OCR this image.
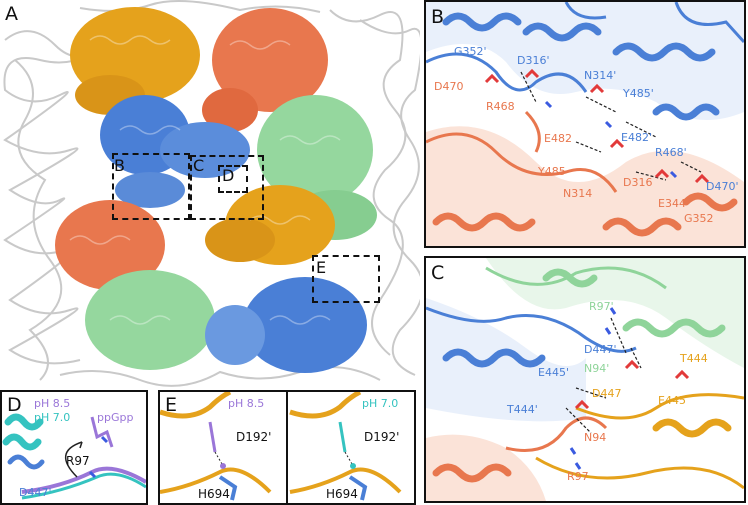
A
B	C
D
E
B
G352'
D316'
N314'
Y485'
D470
R468
E482	E482'
R468'
Y485
N314
D316	D470'
E344
G352
C
R97'
D447'
N94'
T444
E445'
D447
E445
T444'
N94
R97
D pH 8.5
pH 7.0 ppGpp
R97
D447'
E	pH 8.5
D192'
H694
pH 7.0
D192'
H694
